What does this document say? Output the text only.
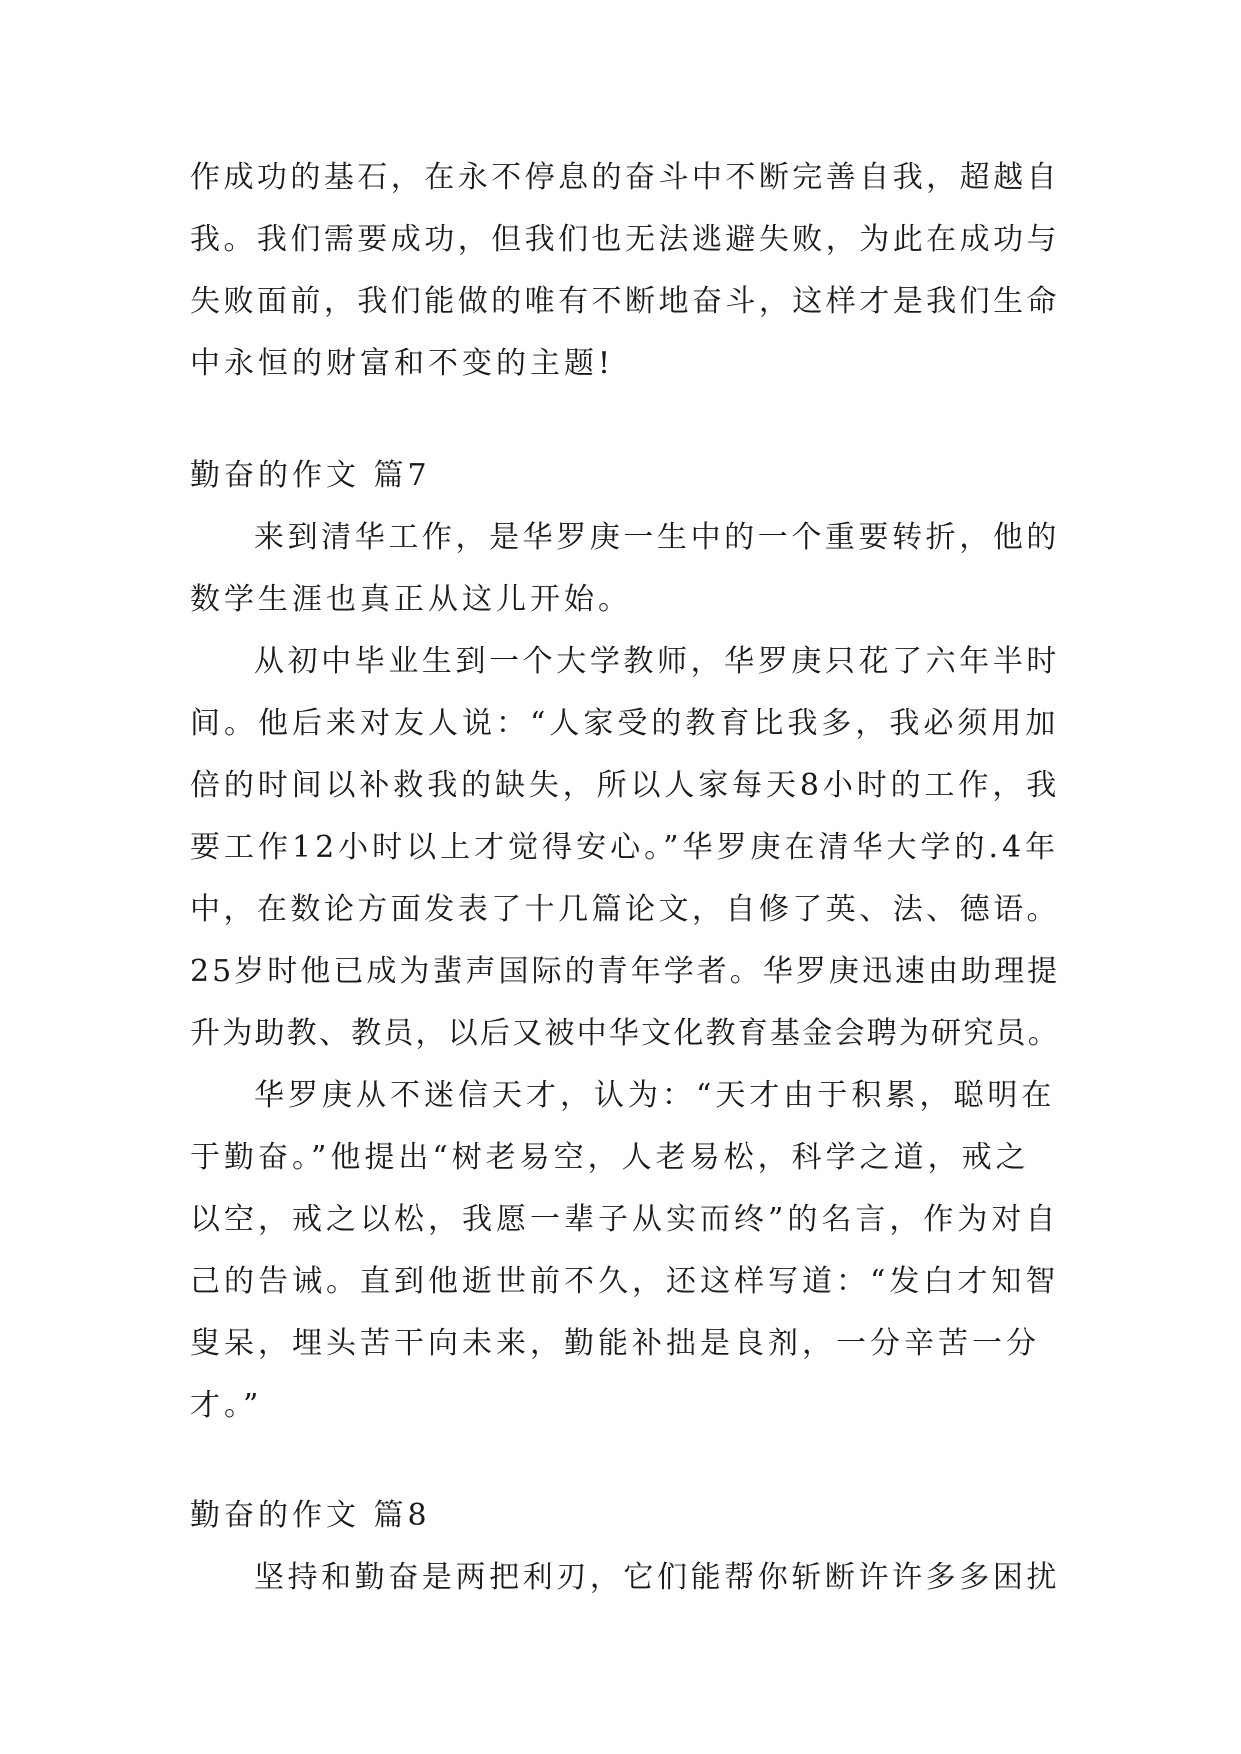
作成功的基石，在永不停息的奋斗中不断完善自我，超越自
我。我们需要成功，但我们也无法逃避失败，为此在成功与
失败面前，我们能做的唯有不断地奋斗，这样才是我们生命
中永恒的财富和不变的主题!
勤奋的作文 篇7
来到清华工作，是华罗庚一生中的一个重要转折，他的
数学生涯也真正从这儿开始。
从初中毕业生到一个大学教师，华罗庚只花了六年半时
间。他后来对友人说：“人家受的教育比我多，我必须用加
倍的时间以补救我的缺失，所以人家每天8小时的工作，我
要工作12小时以上才觉得安心。”华罗庚在清华大学的.4年
中，在数论方面发表了十几篇论文，自修了英、法、德语。
25岁时他已成为蜚声国际的青年学者。华罗庚迅速由助理提
升为助教、教员，以后又被中华文化教育基金会聘为研究员。
华罗庚从不迷信天才，认为：“天才由于积累，聪明在
于勤奋。”他提出“树老易空，人老易松，科学之道，戒之
以空，戒之以松，我愿一辈子从实而终”的名言，作为对自
己的告诫。直到他逝世前不久，还这样写道：“发白才知智
叟呆，埋头苦干向未来，勤能补拙是良剂，一分辛苦一分
才。”
勤奋的作文 篇8
坚持和勤奋是两把利刃，它们能帮你斩断许许多多困扰
